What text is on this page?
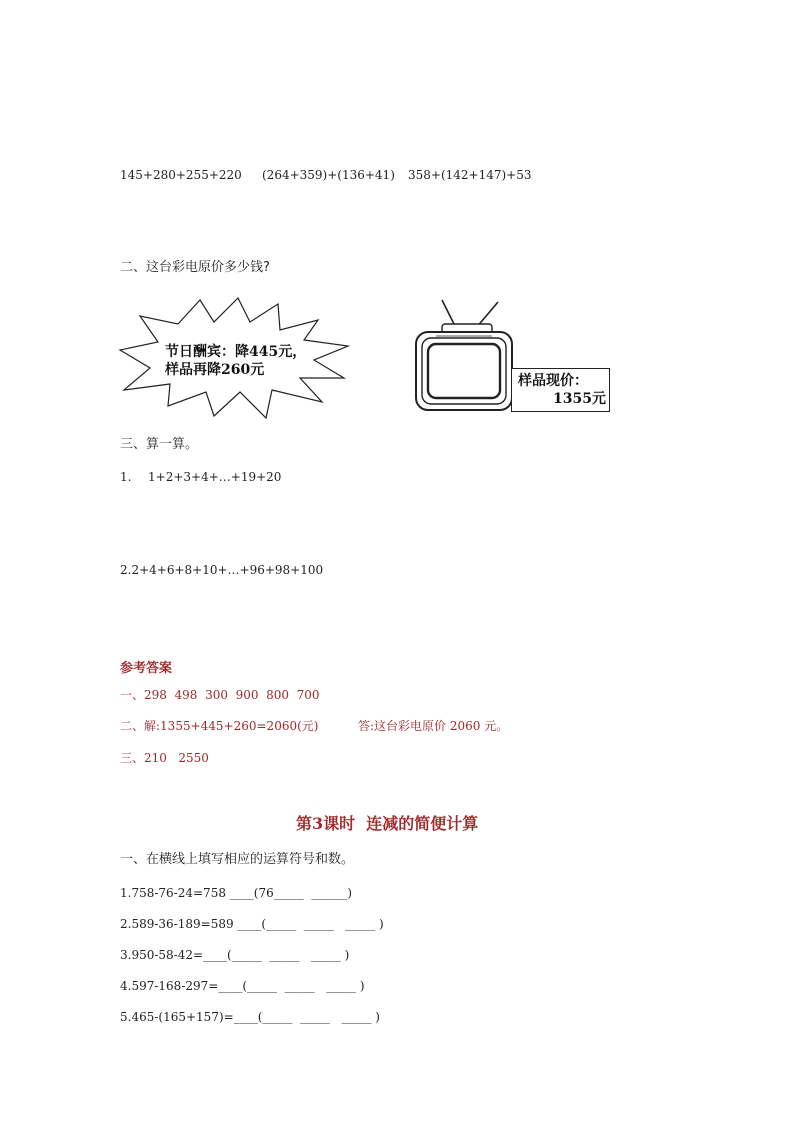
145+280+255+220 (264+359)+(136+41) 358+(142+147)+53
二、这台彩电原价多少钱?
节日酬宾：降445元，
样品再降260元
样品现价：
1355元
三、算一算。
1. 1+2+3+4+…+19+20
2.2+4+6+8+10+…+96+98+100
参考答案
一、298  498  300  900  800  700
二、解:1355+445+260=2060(元)	答:这台彩电原价 2060 元。
三、210   2550
第3课时  连减的简便计算
一、在横线上填写相应的运算符号和数。
1.758-76-24=758 ____(76_____  ______)
2.589-36-189=589 ____(_____  _____   _____ )
3.950-58-42=____(_____  _____   _____ )
4.597-168-297=____(_____  _____   _____ )
5.465-(165+157)=____(_____  _____   _____ )
